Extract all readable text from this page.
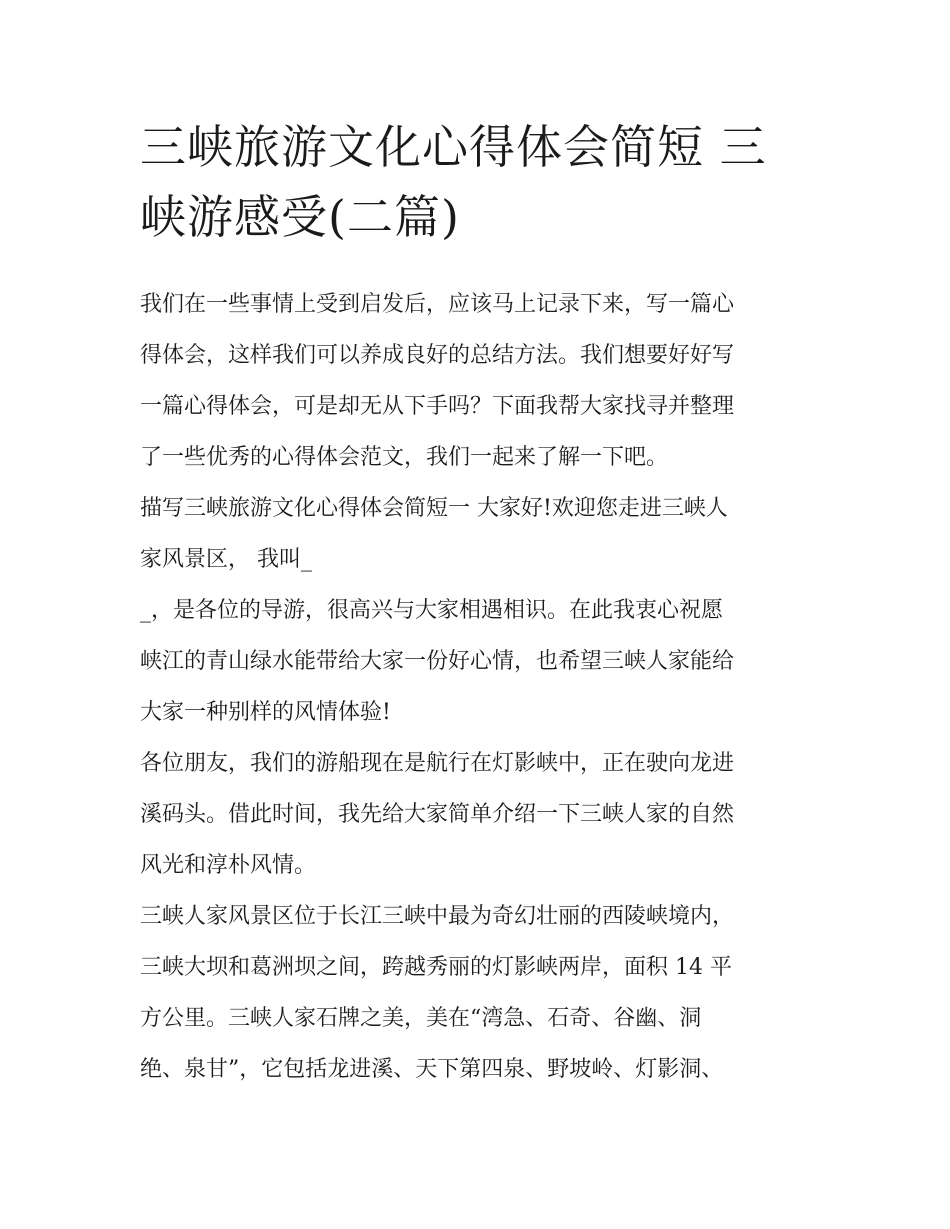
三峡旅游文化心得体会简短 三
峡游感受(二篇)
我们在一些事情上受到启发后，应该马上记录下来，写一篇心
得体会，这样我们可以养成良好的总结方法。我们想要好好写
一篇心得体会，可是却无从下手吗？下面我帮大家找寻并整理
了一些优秀的心得体会范文，我们一起来了解一下吧。
描写三峡旅游文化心得体会简短一 大家好!欢迎您走进三峡人
家风景区， 我叫_
_，是各位的导游，很高兴与大家相遇相识。在此我衷心祝愿
峡江的青山绿水能带给大家一份好心情，也希望三峡人家能给
大家一种别样的风情体验!
各位朋友，我们的游船现在是航行在灯影峡中，正在驶向龙进
溪码头。借此时间，我先给大家简单介绍一下三峡人家的自然
风光和淳朴风情。
三峡人家风景区位于长江三峡中最为奇幻壮丽的西陵峡境内，
三峡大坝和葛洲坝之间，跨越秀丽的灯影峡两岸，面积 14 平
方公里。三峡人家石牌之美，美在“湾急、石奇、谷幽、洞
绝、泉甘”，它包括龙进溪、天下第四泉、野坡岭、灯影洞、
